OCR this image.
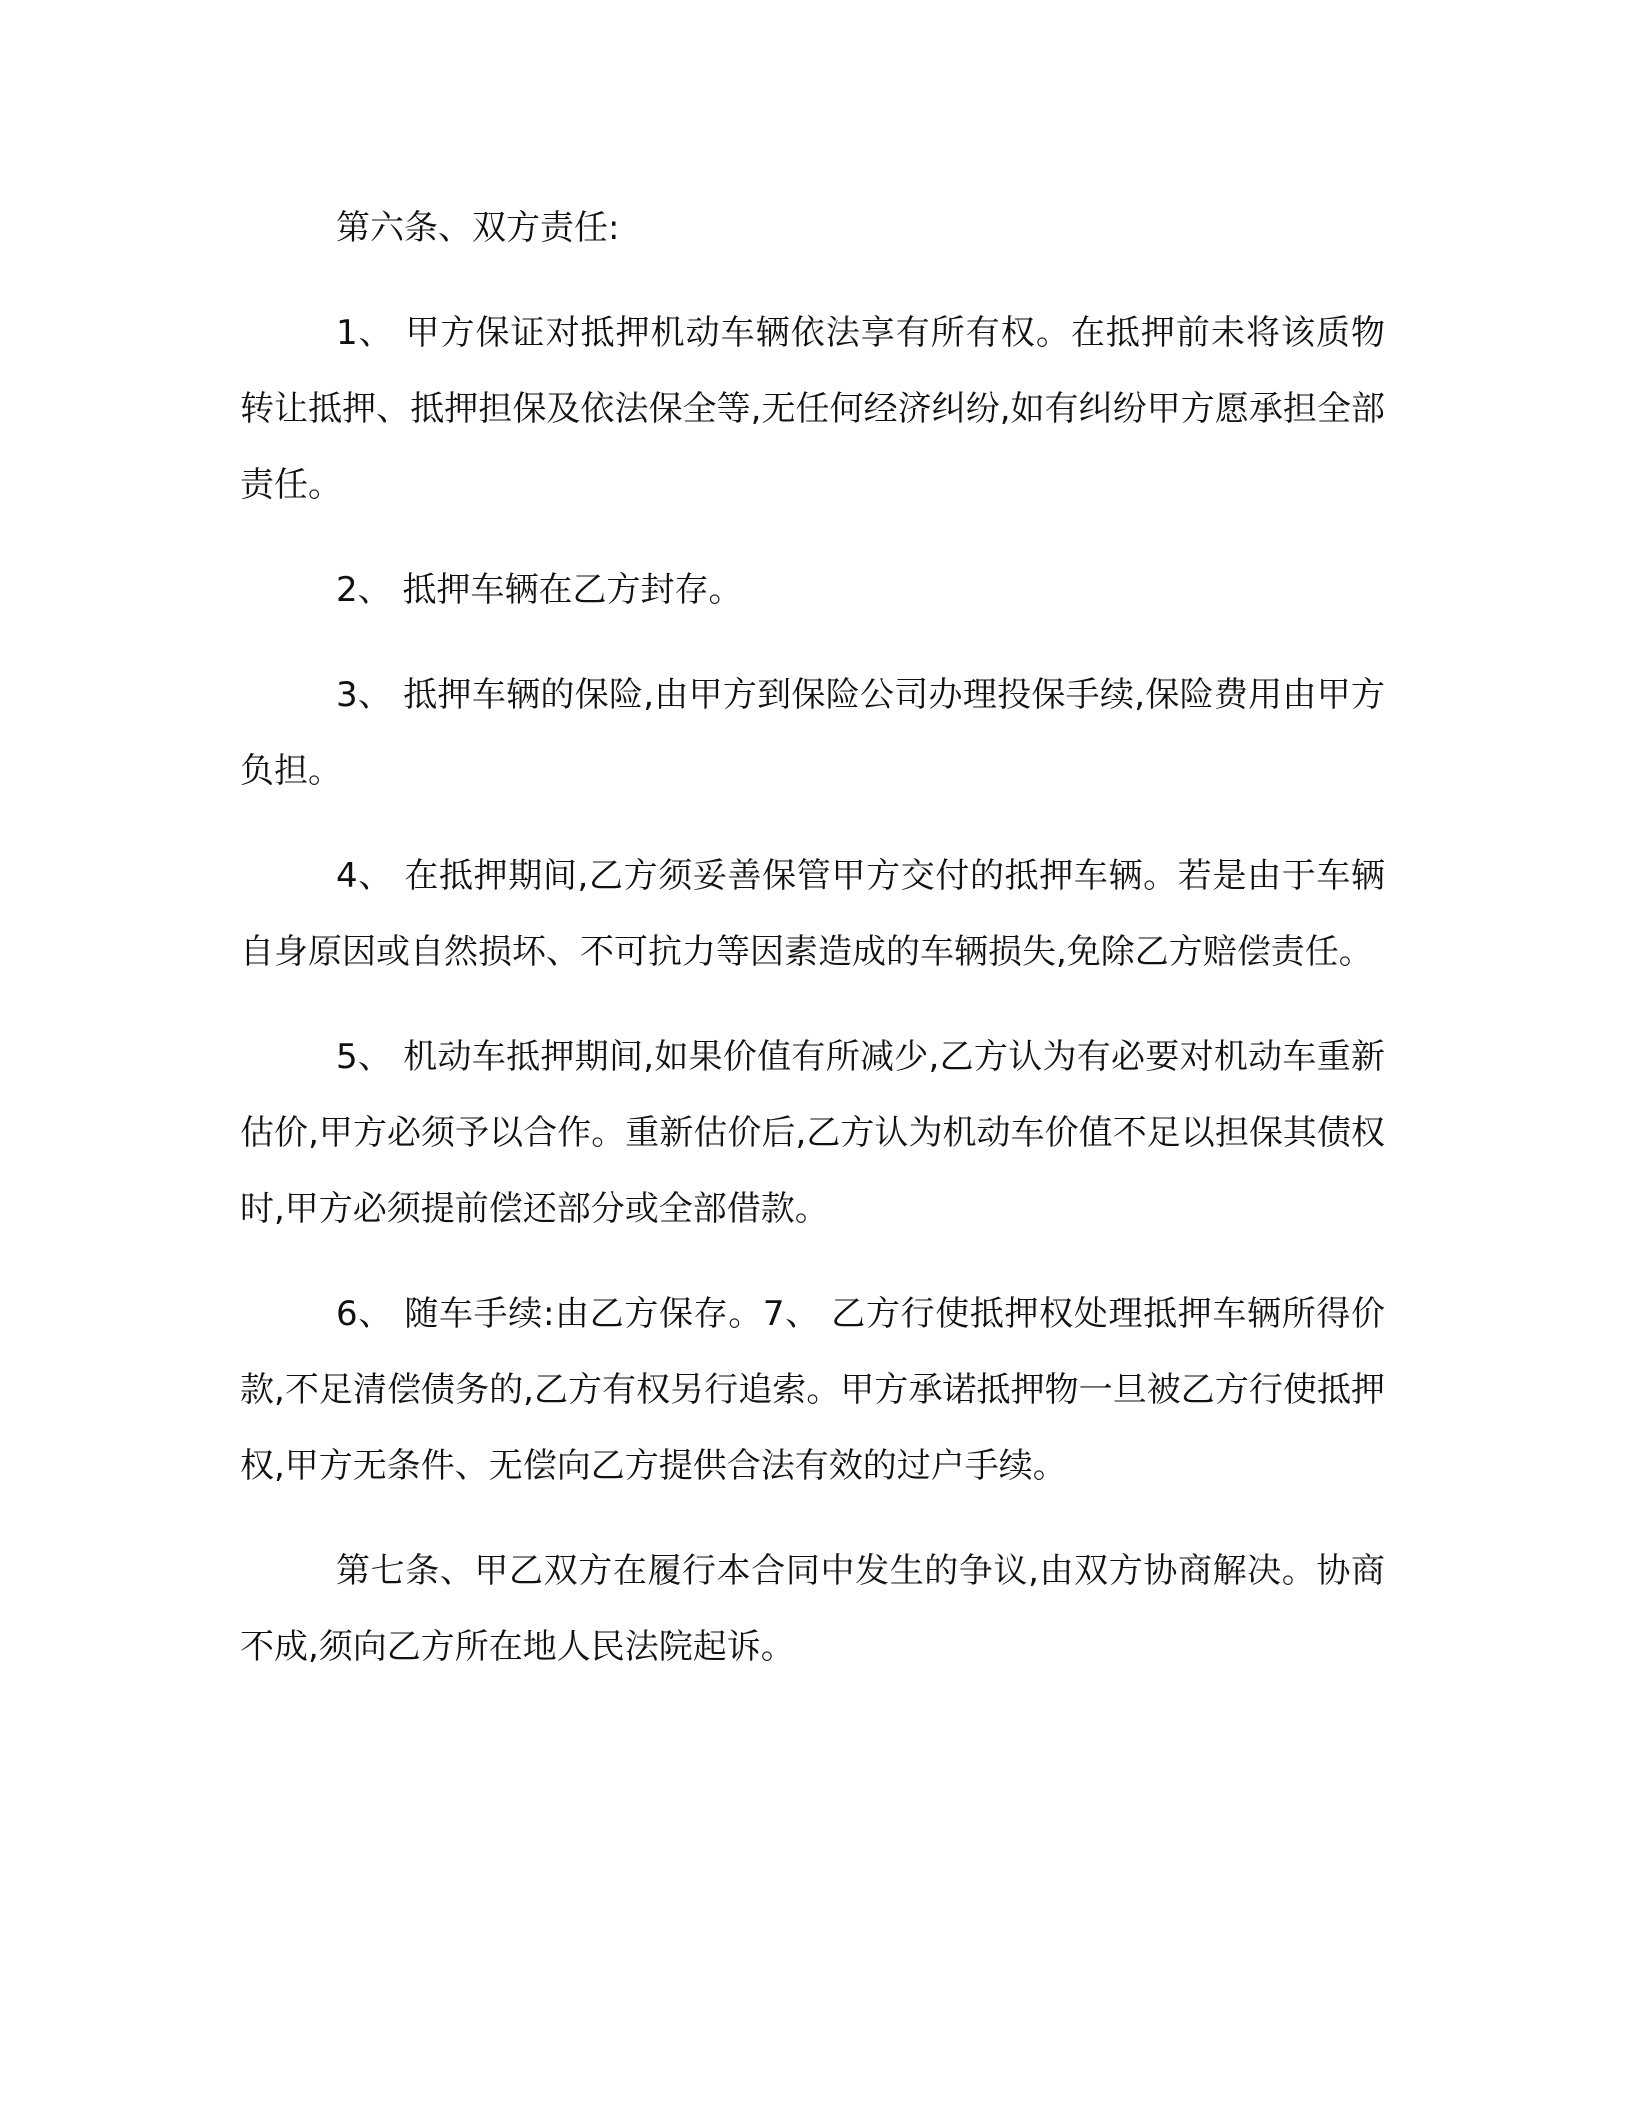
第六条、双方责任:

1、 甲方保证对抵押机动车辆依法享有所有权。在抵押前未将该质物转让抵押、抵押担保及依法保全等,无任何经济纠纷,如有纠纷甲方愿承担全部责任。

2、 抵押车辆在乙方封存。

3、 抵押车辆的保险,由甲方到保险公司办理投保手续,保险费用由甲方负担。

4、 在抵押期间,乙方须妥善保管甲方交付的抵押车辆。若是由于车辆自身原因或自然损坏、不可抗力等因素造成的车辆损失,免除乙方赔偿责任。

5、 机动车抵押期间,如果价值有所减少,乙方认为有必要对机动车重新估价,甲方必须予以合作。重新估价后,乙方认为机动车价值不足以担保其债权时,甲方必须提前偿还部分或全部借款。

6、 随车手续:由乙方保存。7、 乙方行使抵押权处理抵押车辆所得价款,不足清偿债务的,乙方有权另行追索。甲方承诺抵押物一旦被乙方行使抵押权,甲方无条件、无偿向乙方提供合法有效的过户手续。

第七条、甲乙双方在履行本合同中发生的争议,由双方协商解决。协商不成,须向乙方所在地人民法院起诉。
